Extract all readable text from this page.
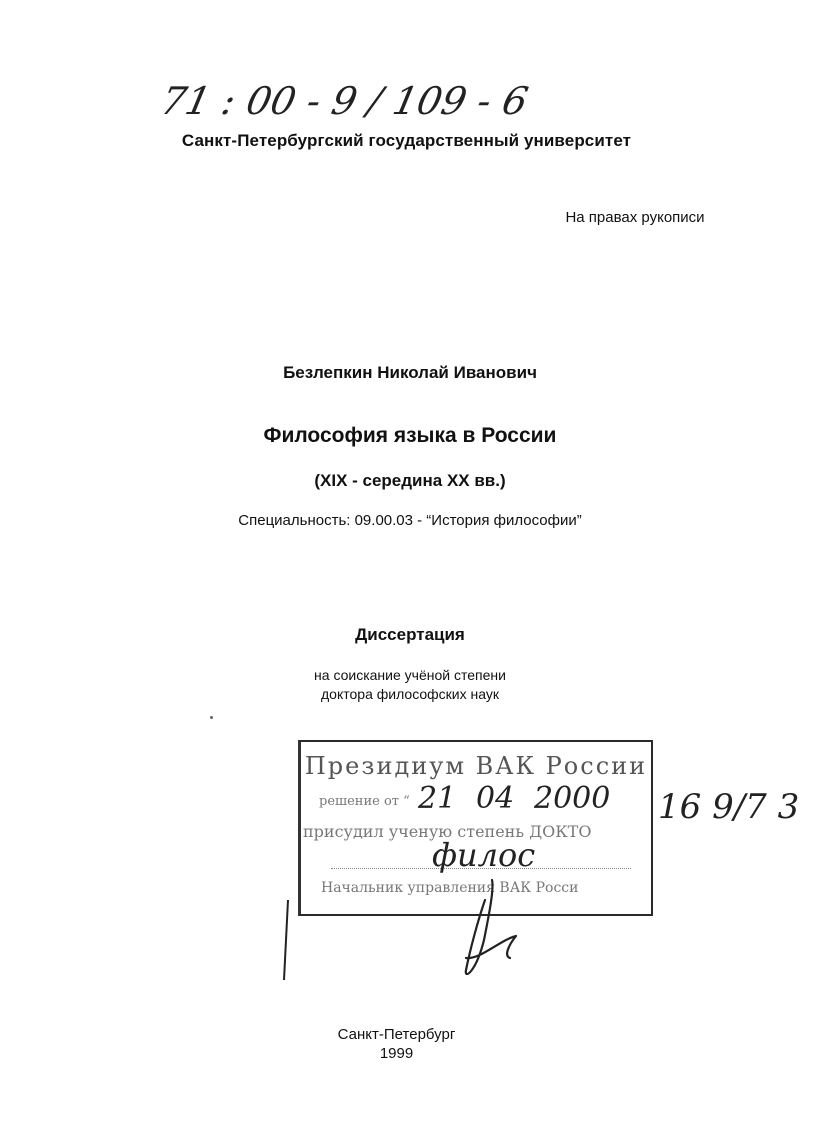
71 : 00 - 9 / 109 - 6
Санкт-Петербургский государственный университет
На правах рукописи
Безлепкин Николай Иванович
Философия языка в России
(XIX - середина XX вв.)
Специальность: 09.00.03 - “История философии”
Диссертация
на соискание учёной степени
доктора философских наук
Президиум ВАК России
решение от “
присудил ученую степень ДОКТО
Начальник управления ВАК Росси
21 04 2000 16 9/7 3
филос
Санкт-Петербург
1999
